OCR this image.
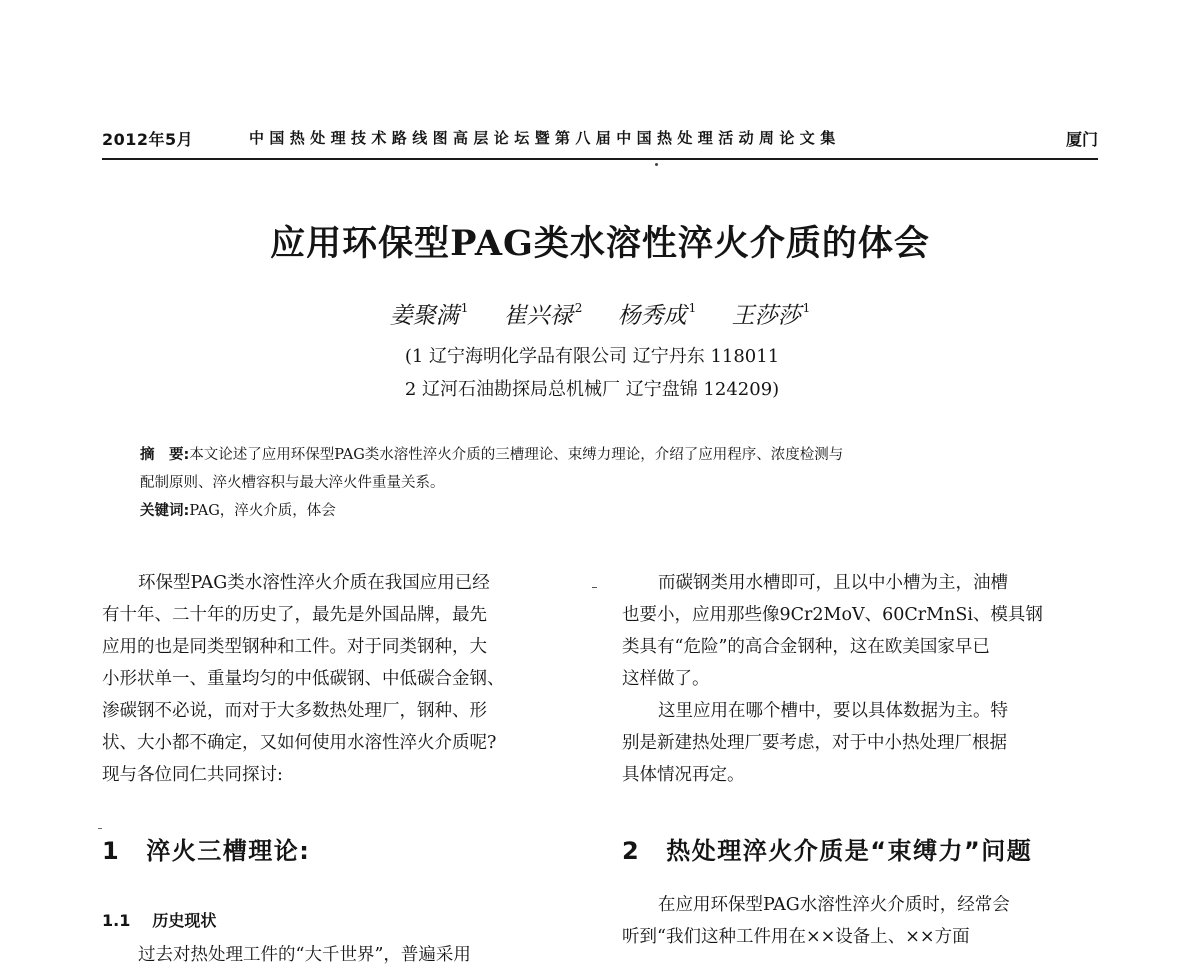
2012年5月	中国热处理技术路线图高层论坛暨第八届中国热处理活动周论文集	厦门
应用环保型PAG类水溶性淬火介质的体会
姜聚满 $^1$ 崔兴禄 $^2$ 杨秀成 $^1$ 王莎莎 $^1$
(1 辽宁海明化学品有限公司 辽宁丹东 118011
2 辽河石油勘探局总机械厂 辽宁盘锦 124209)
摘　要:本文论述了应用环保型PAG类水溶性淬火介质的三槽理论、束缚力理论，介绍了应用程序、浓度检测与
配制原则、淬火槽容积与最大淬火件重量关系。
关键词:PAG，淬火介质，体会
环保型PAG类水溶性淬火介质在我国应用已经
有十年、二十年的历史了，最先是外国品牌，最先
应用的也是同类型钢种和工件。对于同类钢种，大
小形状单一、重量均匀的中低碳钢、中低碳合金钢、
渗碳钢不必说，而对于大多数热处理厂，钢种、形
状、大小都不确定，又如何使用水溶性淬火介质呢?
现与各位同仁共同探讨:
1 淬火三槽理论:
1.1 历史现状
过去对热处理工件的“大千世界”，普遍采用
而碳钢类用水槽即可，且以中小槽为主，油槽
也要小，应用那些像9Cr2MoV、60CrMnSi、模具钢
类具有“危险”的高合金钢种，这在欧美国家早已
这样做了。
这里应用在哪个槽中，要以具体数据为主。特
别是新建热处理厂要考虑，对于中小热处理厂根据
具体情况再定。
2 热处理淬火介质是“束缚力”问题
在应用环保型PAG水溶性淬火介质时，经常会
听到“我们这种工件用在××设备上、××方面
